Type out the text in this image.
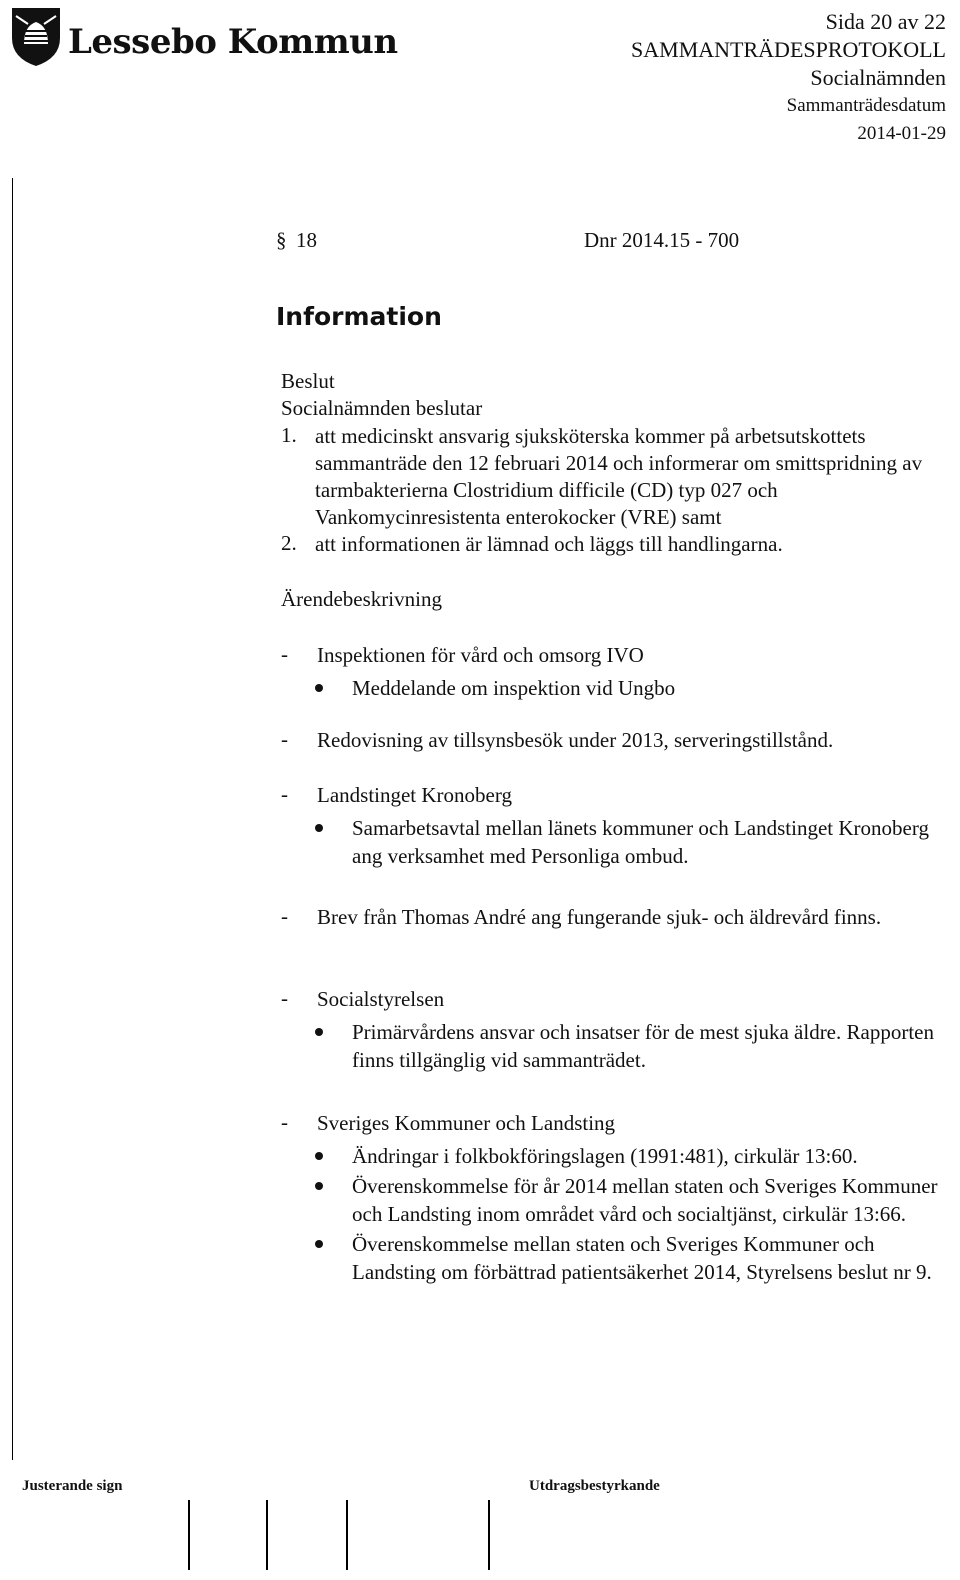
Lessebo Kommun
Sida 20 av 22
SAMMANTRÄDESPROTOKOLL
Socialnämnden
Sammanträdesdatum
2014-01-29
§ 18	Dnr 2014.15 - 700
Information
Beslut
Socialnämnden beslutar
1. att medicinskt ansvarig sjuksköterska kommer på arbetsutskottets sammanträde den 12 februari 2014 och informerar om smittspridning av tarmbakterierna Clostridium difficile (CD) typ 027 och Vankomycinresistenta enterokocker (VRE) samt
2. att informationen är lämnad och läggs till handlingarna.
Ärendebeskrivning
- Inspektionen för vård och omsorg IVO
Meddelande om inspektion vid Ungbo
- Redovisning av tillsynsbesök under 2013, serveringstillstånd.
- Landstinget Kronoberg
Samarbetsavtal mellan länets kommuner och Landstinget Kronoberg ang verksamhet med Personliga ombud.
- Brev från Thomas André ang fungerande sjuk- och äldrevård finns.
- Socialstyrelsen
Primärvårdens ansvar och insatser för de mest sjuka äldre. Rapporten finns tillgänglig vid sammanträdet.
- Sveriges Kommuner och Landsting
Ändringar i folkbokföringslagen (1991:481), cirkulär 13:60.
Överenskommelse för år 2014 mellan staten och Sveriges Kommuner och Landsting inom området vård och socialtjänst, cirkulär 13:66.
Överenskommelse mellan staten och Sveriges Kommuner och Landsting om förbättrad patientsäkerhet 2014, Styrelsens beslut nr 9.
Justerande sign	Utdragsbestyrkande
